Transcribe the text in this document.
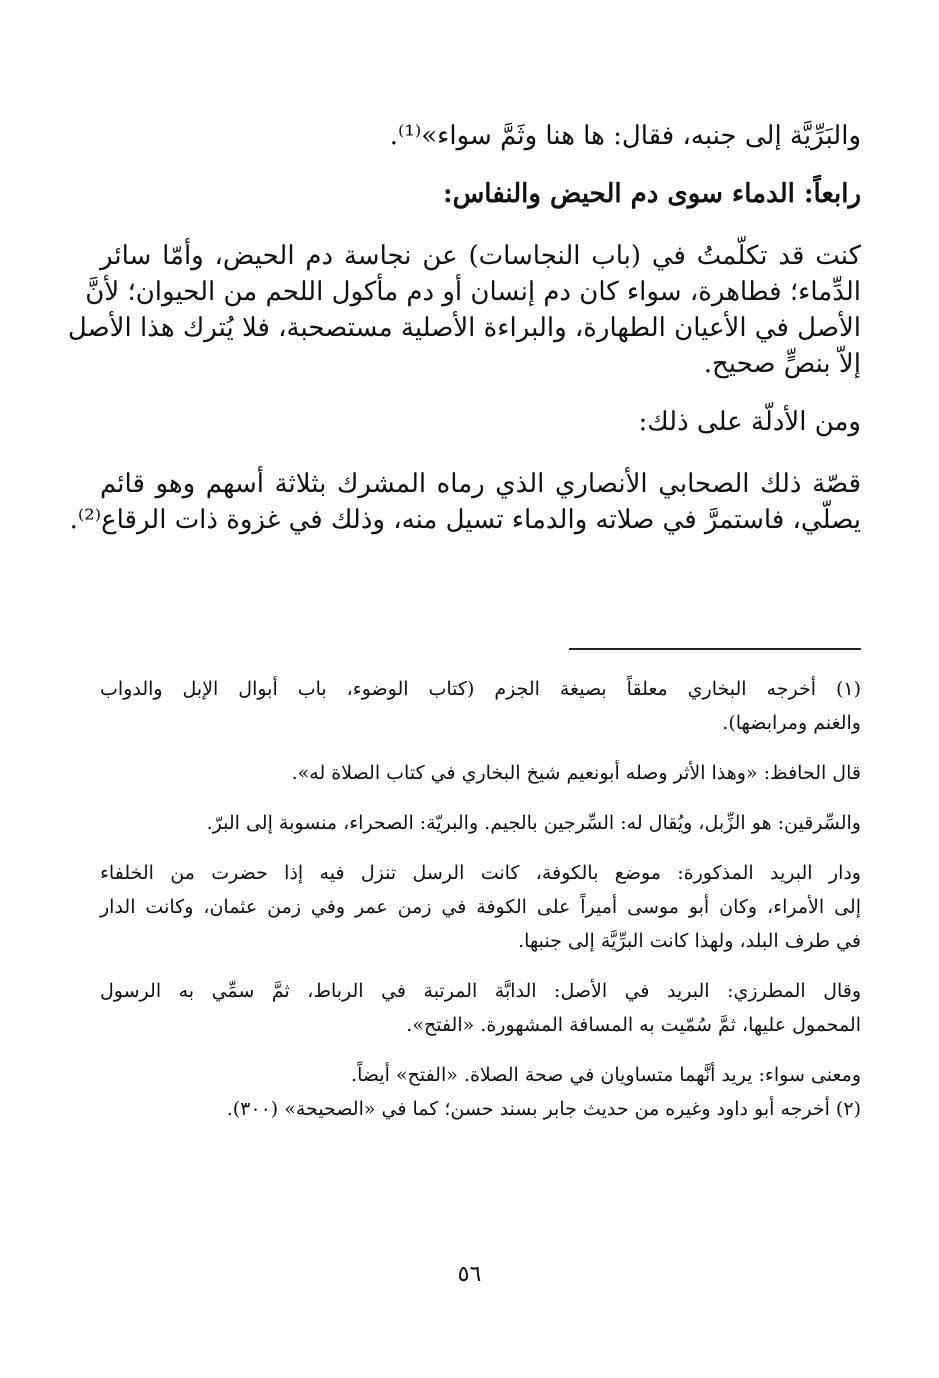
والبَرِّيَّة إلى جنبه، فقال: ها هنا وثَمَّ سواء»⁽¹⁾.
رابعاً: الدماء سوى دم الحيض والنفاس:
كنت قد تكلّمتُ في (باب النجاسات) عن نجاسة دم الحيض، وأمّا سائر
الدِّماء؛ فطاهرة، سواء كان دم إنسان أو دم مأكول اللحم من الحيوان؛ لأنَّ
الأصل في الأعيان الطهارة، والبراءة الأصلية مستصحبة، فلا يُترك هذا الأصل
إلاّ بنصٍّ صحيح.
ومن الأدلّة على ذلك:
قصّة ذلك الصحابي الأنصاري الذي رماه المشرك بثلاثة أسهم وهو قائم
يصلّي، فاستمرَّ في صلاته والدماء تسيل منه، وذلك في غزوة ذات الرقاع⁽²⁾.
(١) أخرجه البخاري معلقاً بصيغة الجزم (كتاب الوضوء، باب أبوال الإبل والدواب
والغنم ومرابضها).
قال الحافظ: «وهذا الأثر وصله أبونعيم شيخ البخاري في كتاب الصلاة له».
والسِّرقين: هو الزِّبل، ويُقال له: السِّرجين بالجيم. والبريّة: الصحراء، منسوبة إلى البرّ.
ودار البريد المذكورة: موضع بالكوفة، كانت الرسل تنزل فيه إذا حضرت من الخلفاء
إلى الأمراء، وكان أبو موسى أميراً على الكوفة في زمن عمر وفي زمن عثمان، وكانت الدار
في طرف البلد، ولهذا كانت البرِّيَّة إلى جنبها.
وقال المطرزي: البريد في الأصل: الدابَّة المرتبة في الرباط، ثمَّ سمِّي به الرسول
المحمول عليها، ثمَّ سُمّيت به المسافة المشهورة. «الفتح».
ومعنى سواء: يريد أنَّهما متساويان في صحة الصلاة. «الفتح» أيضاً.
(٢) أخرجه أبو داود وغيره من حديث جابر بسند حسن؛ كما في «الصحيحة» (٣٠٠).
٥٦
